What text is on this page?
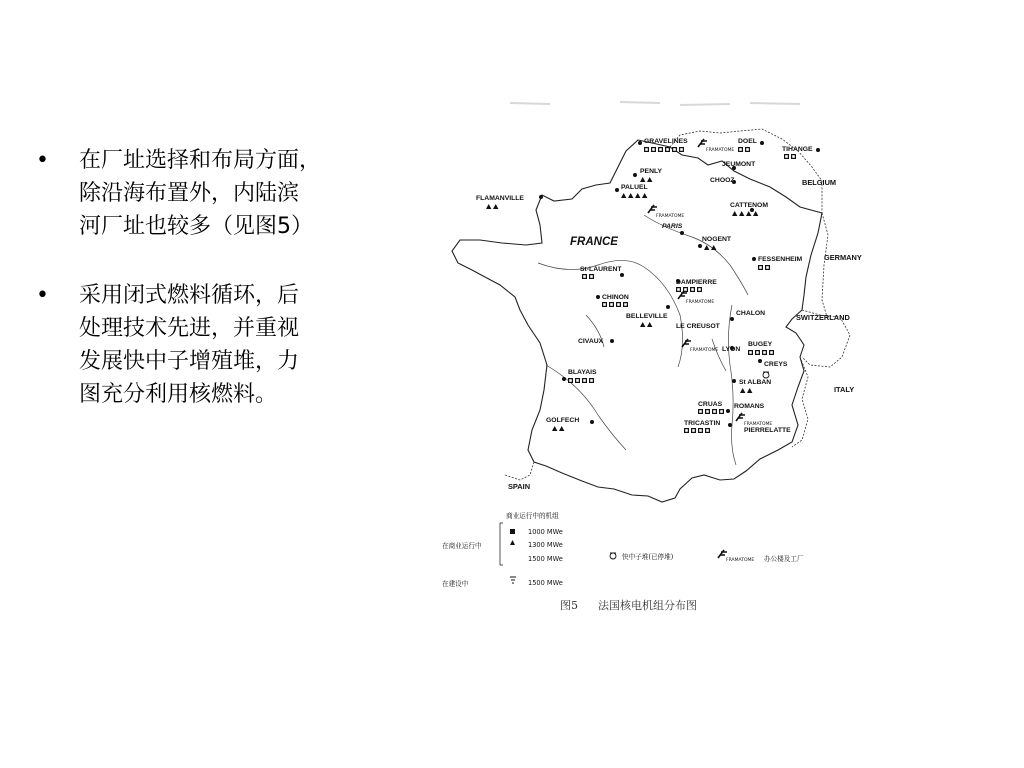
• 在厂址选择和布局方面，

除沿海布置外，内陆滨

河厂址也较多（见图5）

• 采用闭式燃料循环，后

处理技术先进，并重视

发展快中子增殖堆，力

图充分利用核燃料。

BELGIUM
GERMANY
SWITZERLAND
ITALY
SPAIN
FRANCE
GRAVELINES	DOEL
TIHANGE
JEUMONT
CHOOZ
PENLY
PALUEL
FLAMANVILLE
PARIS
CATTENOM
NOGENT
FESSENHEIM
St-LAURENT
DAMPIERRE
CHINON
BELLEVILLE
LE CREUSOT
CHALON
CIVAUX
LYON
BUGEY
CREYS
BLAYAIS
St ALBAN
CRUAS ROMANS
TRICASTIN
PIERRELATTE
GOLFECH
FRAMATOME
FRAMATOME
FRAMATOME
FRAMATOME
FRAMATOME
商业运行中的机组
1000 MWe
1300 MWe
1500 MWe
在商业运行中
在建设中	1500 MWe
快中子堆(已停堆)	FRAMATOME 办公楼及工厂
图5 法国核电机组分布图
